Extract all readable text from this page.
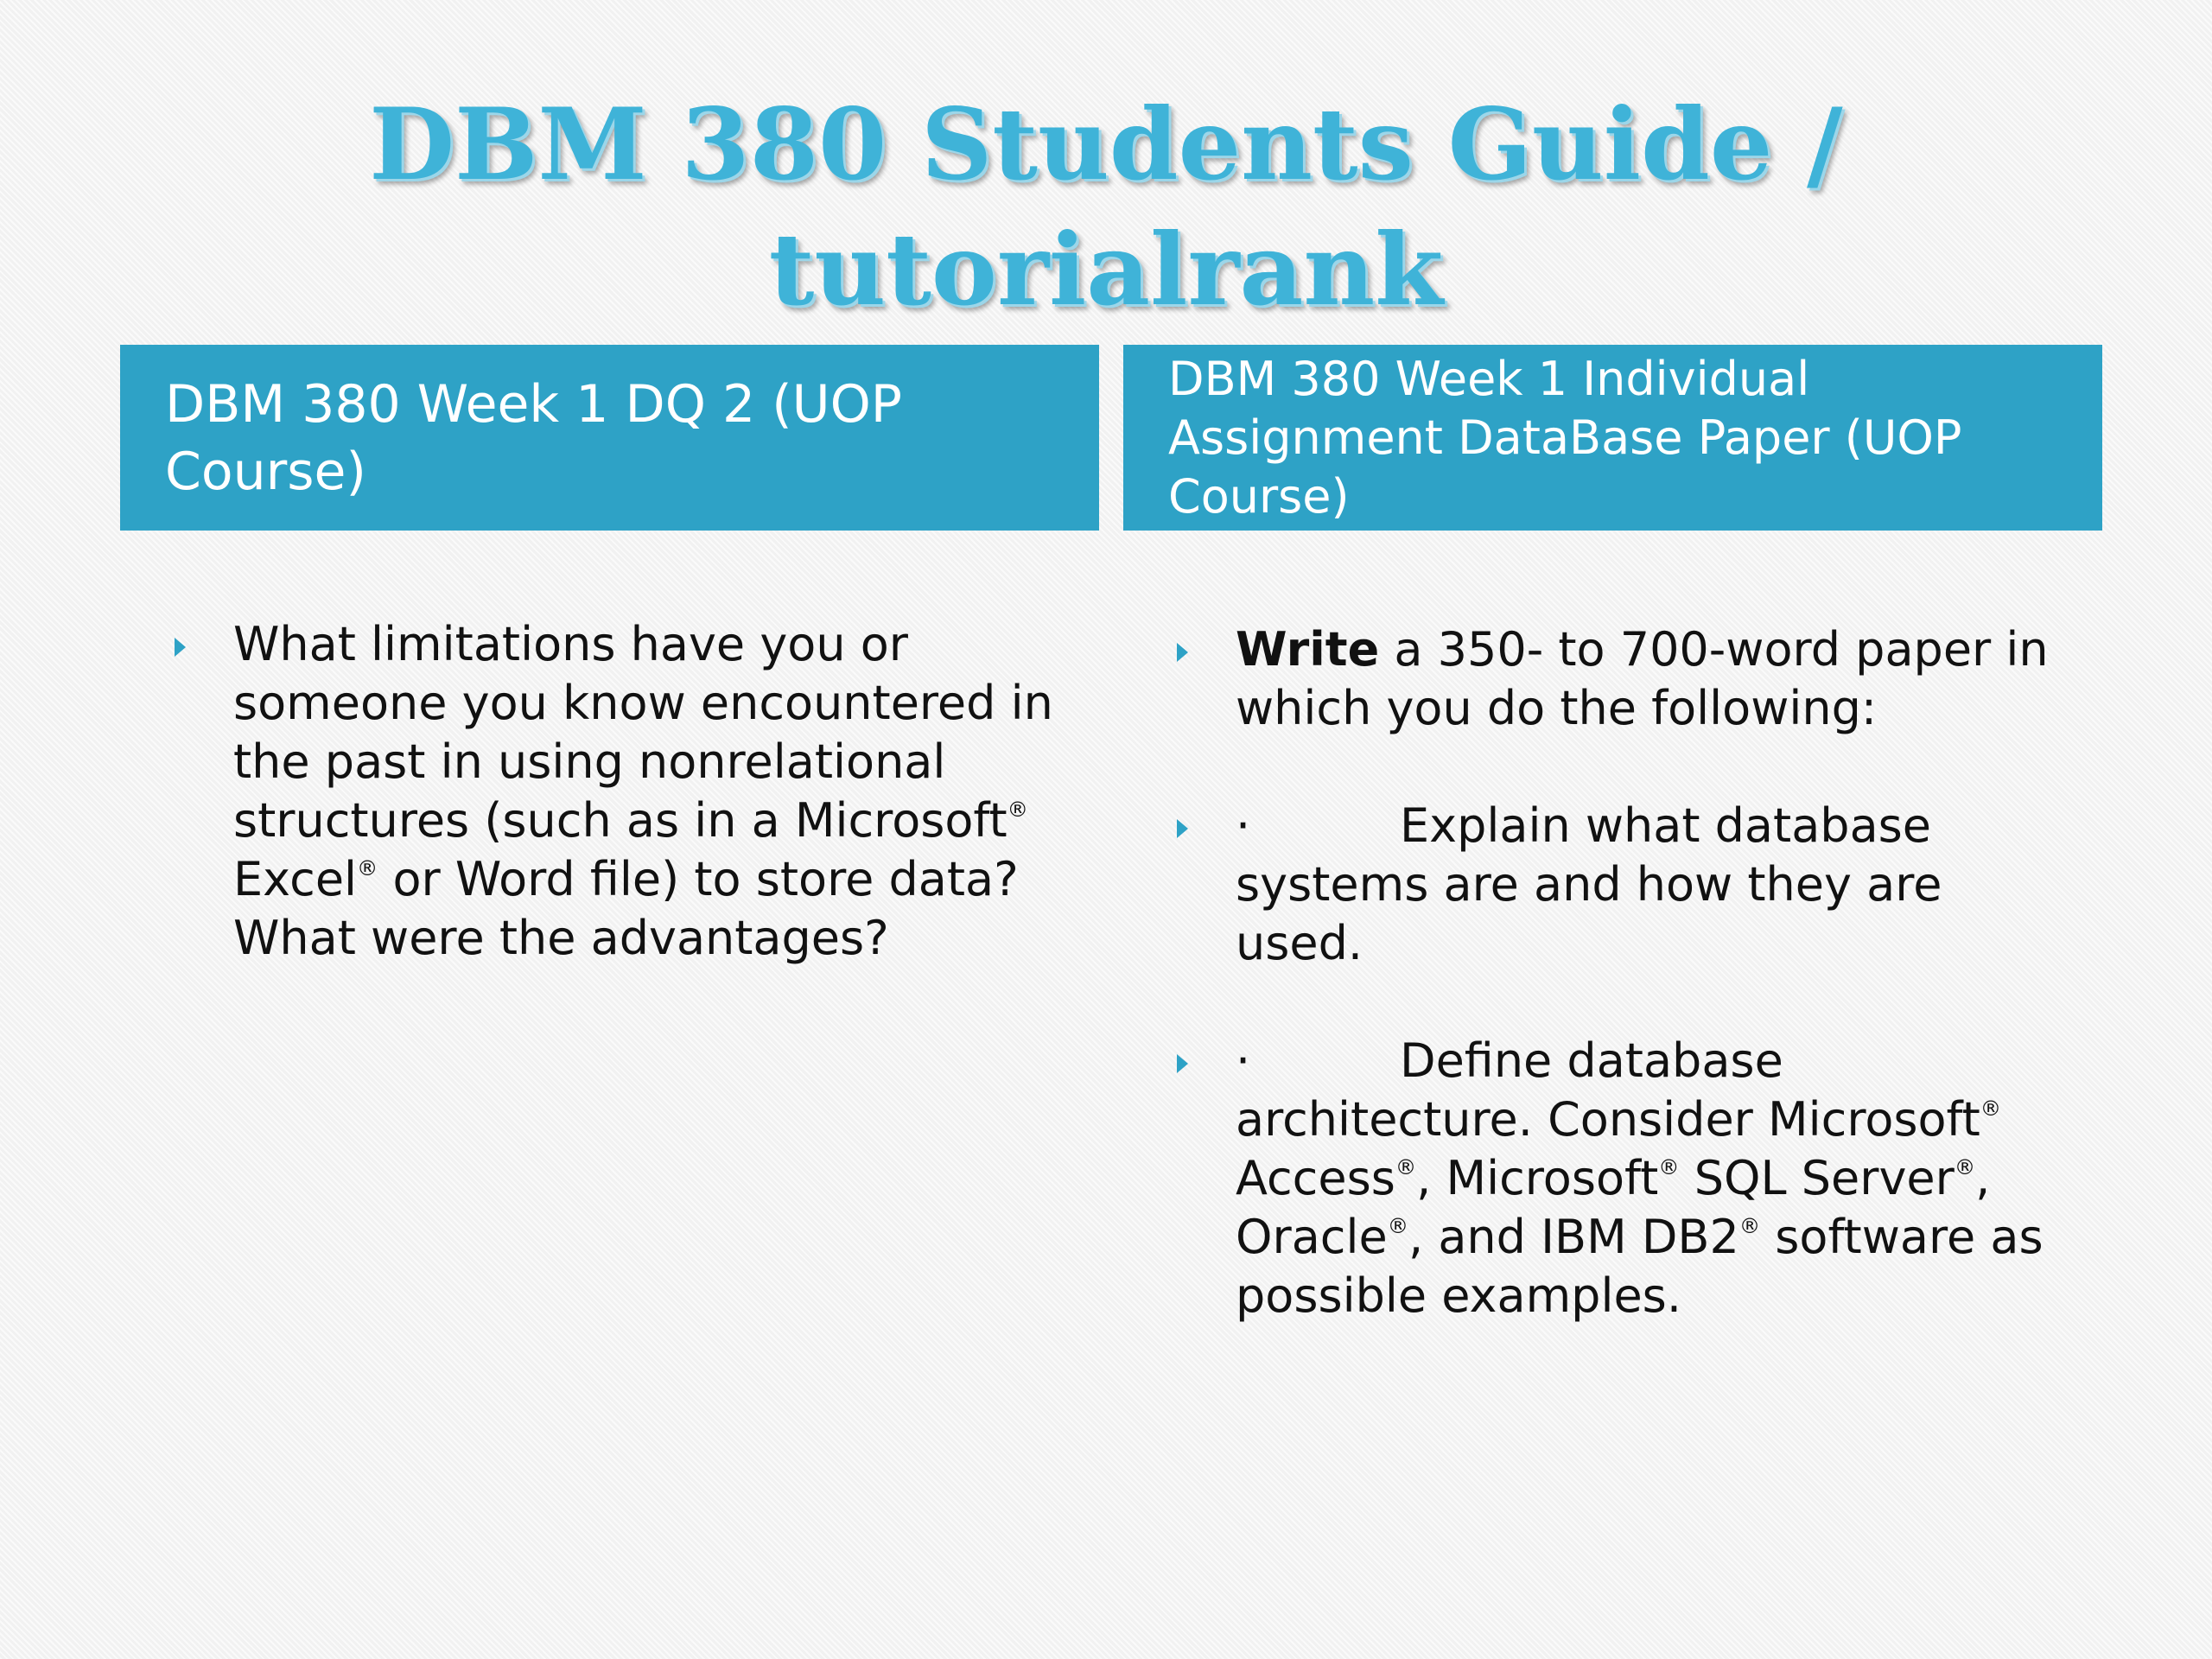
DBM 380 Students Guide /
tutorialrank
DBM 380 Week 1 DQ 2 (UOP
Course)
DBM 380 Week 1 Individual
Assignment DataBase Paper (UOP
Course)
What limitations have you or
someone you know encountered in
the past in using nonrelational
structures (such as in a Microsoft®
Excel® or Word file) to store data?
What were the advantages?
Write a 350- to 700-word paper in
which you do the following:
·	Explain what database
systems are and how they are
used.
·	Define database
architecture. Consider Microsoft®
Access®, Microsoft® SQL Server®,
Oracle®, and IBM DB2® software as
possible examples.
